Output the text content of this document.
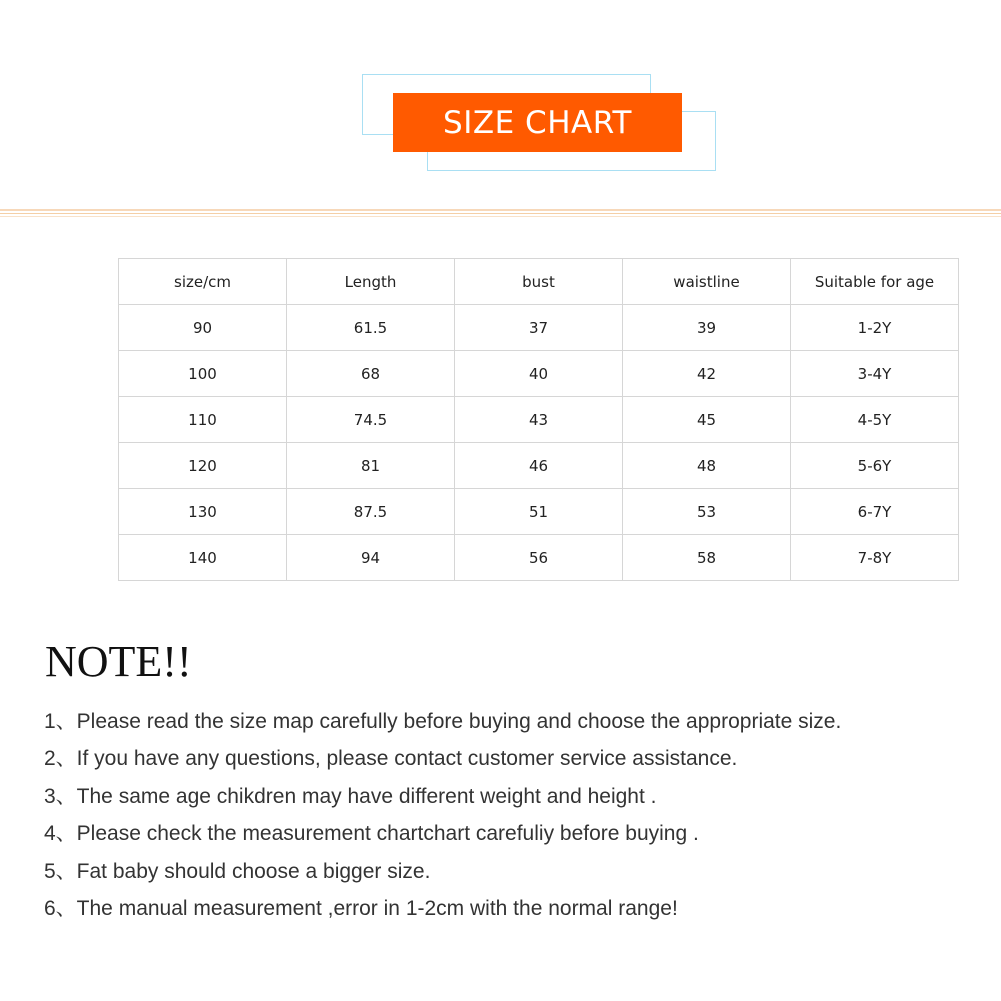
SIZE CHART
size/cm	Length	bust	waistline	Suitable for age
90	61.5	37	39	1-2Y
100	68	40	42	3-4Y
110	74.5	43	45	4-5Y
120	81	46	48	5-6Y
130	87.5	51	53	6-7Y
140	94	56	58	7-8Y
NOTE!!
1、Please read the size map carefully before buying and choose the appropriate size.
2、If you have any questions, please contact customer service assistance.
3、The same age chikdren may have different weight and height .
4、Please check the measurement chartchart carefuliy before buying .
5、Fat baby should choose a bigger size.
6、The manual measurement ,error in 1-2cm with the normal range!
